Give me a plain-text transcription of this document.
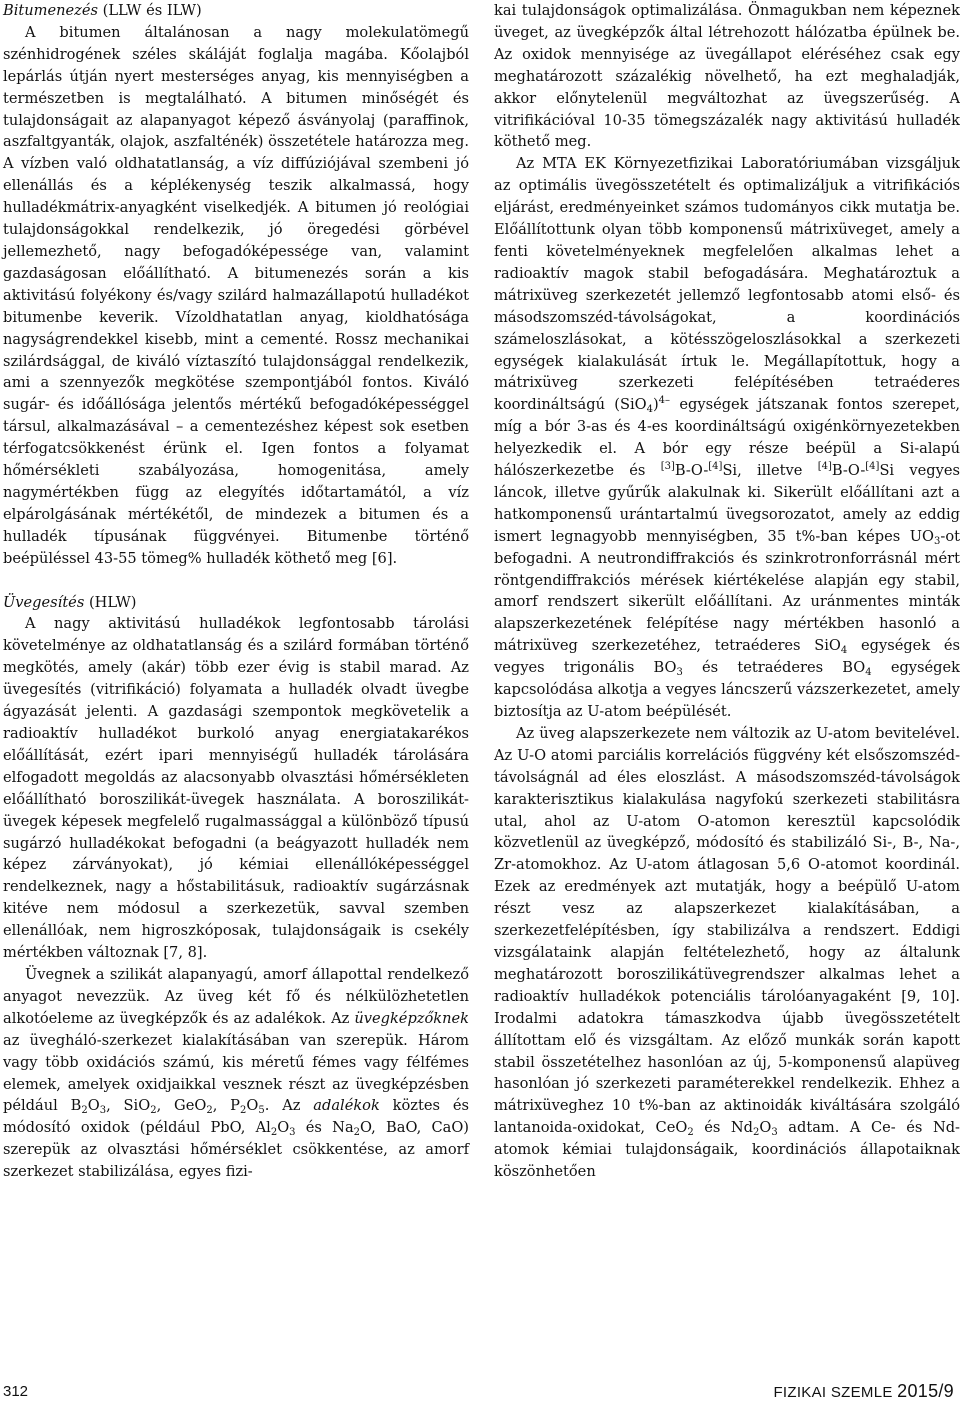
Bitumenezés (LLW és ILW)

A bitumen általánosan a nagy molekulatömegű szénhidrogének széles skáláját foglalja magába. Kőolajból lepárlás útján nyert mesterséges anyag, kis mennyiségben a természetben is megtalálható. A bitumen minőségét és tulajdonságait az alapanyagot képező ásványolaj (paraffinok, aszfaltgyanták, olajok, aszfalténék) összetétele határozza meg. A vízben való oldhatatlanság, a víz diffúziójával szembeni jó ellenállás és a képlékenység teszik alkalmassá, hogy hulladékmátrix-anyagként viselkedjék. A bitumen jó reológiai tulajdonságokkal rendelkezik, jó öregedési görbével jellemezhető, nagy befogadóképessége van, valamint gazdaságosan előállítható. A bitumenezés során a kis aktivitású folyékony és/vagy szilárd halmazállapotú hulladékot bitumenbe keverik. Vízoldhatatlan anyag, kioldhatósága nagyságrendekkel kisebb, mint a cementé. Rossz mechanikai szilárdsággal, de kiváló víztaszító tulajdonsággal rendelkezik, ami a szennyezők megkötése szempontjából fontos. Kiváló sugár- és időállósága jelentős mértékű befogadóképességgel társul, alkalmazásával – a cementezéshez képest sok esetben térfogatcsökkenést érünk el. Igen fontos a folyamat hőmérsékleti szabályozása, homogenitása, amely nagymértékben függ az elegyítés időtartamától, a víz elpárolgásának mértékétől, de mindezek a bitumen és a hulladék típusának függvényei. Bitumenbe történő beépüléssel 43-55 tömeg% hulladék köthető meg [6].

Üvegesítés (HLW)

A nagy aktivitású hulladékok legfontosabb tárolási követelménye az oldhatatlanság és a szilárd formában történő megkötés, amely (akár) több ezer évig is stabil marad. Az üvegesítés (vitrifikáció) folyamata a hulladék olvadt üvegbe ágyazását jelenti. A gazdasági szempontok megkövetelik a radioaktív hulladékot burkoló anyag energiatakarékos előállítását, ezért ipari mennyiségű hulladék tárolására elfogadott megoldás az alacsonyabb olvasztási hőmérsékleten előállítható boroszilikát-üvegek használata. A boroszilikát-üvegek képesek megfelelő rugalmassággal a különböző típusú sugárzó hulladékokat befogadni (a beágyazott hulladék nem képez zárványokat), jó kémiai ellenállóképességgel rendelkeznek, nagy a hőstabilitásuk, radioaktív sugárzásnak kitéve nem módosul a szerkezetük, savval szemben ellenállóak, nem higroszkóposak, tulajdonságaik is csekély mértékben változnak [7, 8].

Üvegnek a szilikát alapanyagú, amorf állapottal rendelkező anyagot nevezzük. Az üveg két fő és nélkülözhetetlen alkotóeleme az üvegképzők és az adalékok. Az üvegképzőknek az üvegháló-szerkezet kialakításában van szerepük. Három vagy több oxidációs számú, kis méretű fémes vagy félfémes elemek, amelyek oxidjaikkal vesznek részt az üvegképzésben például $B_2O_3$, SiO$_2$, GeO$_2$, $P_2O_5$. Az adalékok köztes és módosító oxidok (például PbO, $Al_2O_3$ és $Na_2O$, BaO, CaO) szerepük az olvasztási hőmérséklet csökkentése, az amorf szerkezet stabilizálása, egyes fizi-

kai tulajdonságok optimalizálása. Önmagukban nem képeznek üveget, az üvegképzők által létrehozott hálózatba épülnek be. Az oxidok mennyisége az üvegállapot eléréséhez csak egy meghatározott százalékig növelhető, ha ezt meghaladják, akkor előnytelenül megváltozhat az üvegszerűség. A vitrifikációval 10-35 tömegszázalék nagy aktivitású hulladék köthető meg.

Az MTA EK Környezetfizikai Laboratóriumában vizsgáljuk az optimális üvegösszetételt és optimalizáljuk a vitrifikációs eljárást, eredményeinket számos tudományos cikk mutatja be. Előállítottunk olyan több komponensű mátrixüveget, amely a fenti követelményeknek megfelelően alkalmas lehet a radioaktív magok stabil befogadására. Meghatároztuk a mátrixüveg szerkezetét jellemző legfontosabb atomi első- és másodszomszéd-távolságokat, a koordinációs számeloszlásokat, a kötésszögeloszlásokkal a szerkezeti egységek kialakulását írtuk le. Megállapítottuk, hogy a mátrixüveg szerkezeti felépítésében tetraéderes koordináltságú $(SiO_4)^{4-}$ egységek játszanak fontos szerepet, míg a bór 3-as és 4-es koordináltságú oxigénkörnyezetekben helyezkedik el. A bór egy része beépül a Si-alapú hálószerkezetbe és [3]B-O-[4]Si, illetve [4]B-O-[4]Si vegyes láncok, illetve gyűrűk alakulnak ki. Sikerült előállítani azt a hatkomponensű urántartalmú üvegsorozatot, amely az eddig ismert legnagyobb mennyiségben, 35 t%-ban képes $UO_3-ot$ befogadni. A neutrondiffrakciós és szinkrotronforrásnál mért röntgendiffrakciós mérések kiértékelése alapján egy stabil, amorf rendszert sikerült előállítani. Az uránmentes minták alapszerkezetének felépítése nagy mértékben hasonló a mátrixüveg szerkezetéhez, tetraéderes SiO$_4$ egységek és vegyes trigonális $BO_3$ és tetraéderes $BO_4$ egységek kapcsolódása alkotja a vegyes láncszerű vázszerkezetet, amely biztosítja az U-atom beépülését.

Az üveg alapszerkezete nem változik az U-atom bevitelével. Az U-O atomi parciális korrelációs függvény két elsőszomszéd-távolságnál ad éles eloszlást. A másodszomszéd-távolságok karakterisztikus kialakulása nagyfokú szerkezeti stabilitásra utal, ahol az U-atom O-atomon keresztül kapcsolódik közvetlenül az üvegképző, módosító és stabilizáló Si-, B-, Na-, Zr-atomokhoz. Az U-atom átlagosan 5,6 O-atomot koordinál. Ezek az eredmények azt mutatják, hogy a beépülő U-atom részt vesz az alapszerkezet kialakításában, a szerkezetfelépítésben, így stabilizálva a rendszert. Eddigi vizsgálataink alapján feltételezhető, hogy az általunk meghatározott boroszilikátüvegrendszer alkalmas lehet a radioaktív hulladékok potenciális tárolóanyagaként [9, 10]. Irodalmi adatokra támaszkodva újabb üvegösszetételt állítottam elő és vizsgáltam. Az előző munkák során kapott stabil összetételhez hasonlóan az új, 5-komponensű alapüveg hasonlóan jó szerkezeti paraméterekkel rendelkezik. Ehhez a mátrixüveghez 10 t%-ban az aktinoidák kiváltására szolgáló lantanoida-oxidokat, CeO$_2$ és $Nd_2O_3$ adtam. A Ce- és Nd-atomok kémiai tulajdonságaik, koordinációs állapotaiknak köszönhetően

312	FIZIKAI SZEMLE 2015/9
